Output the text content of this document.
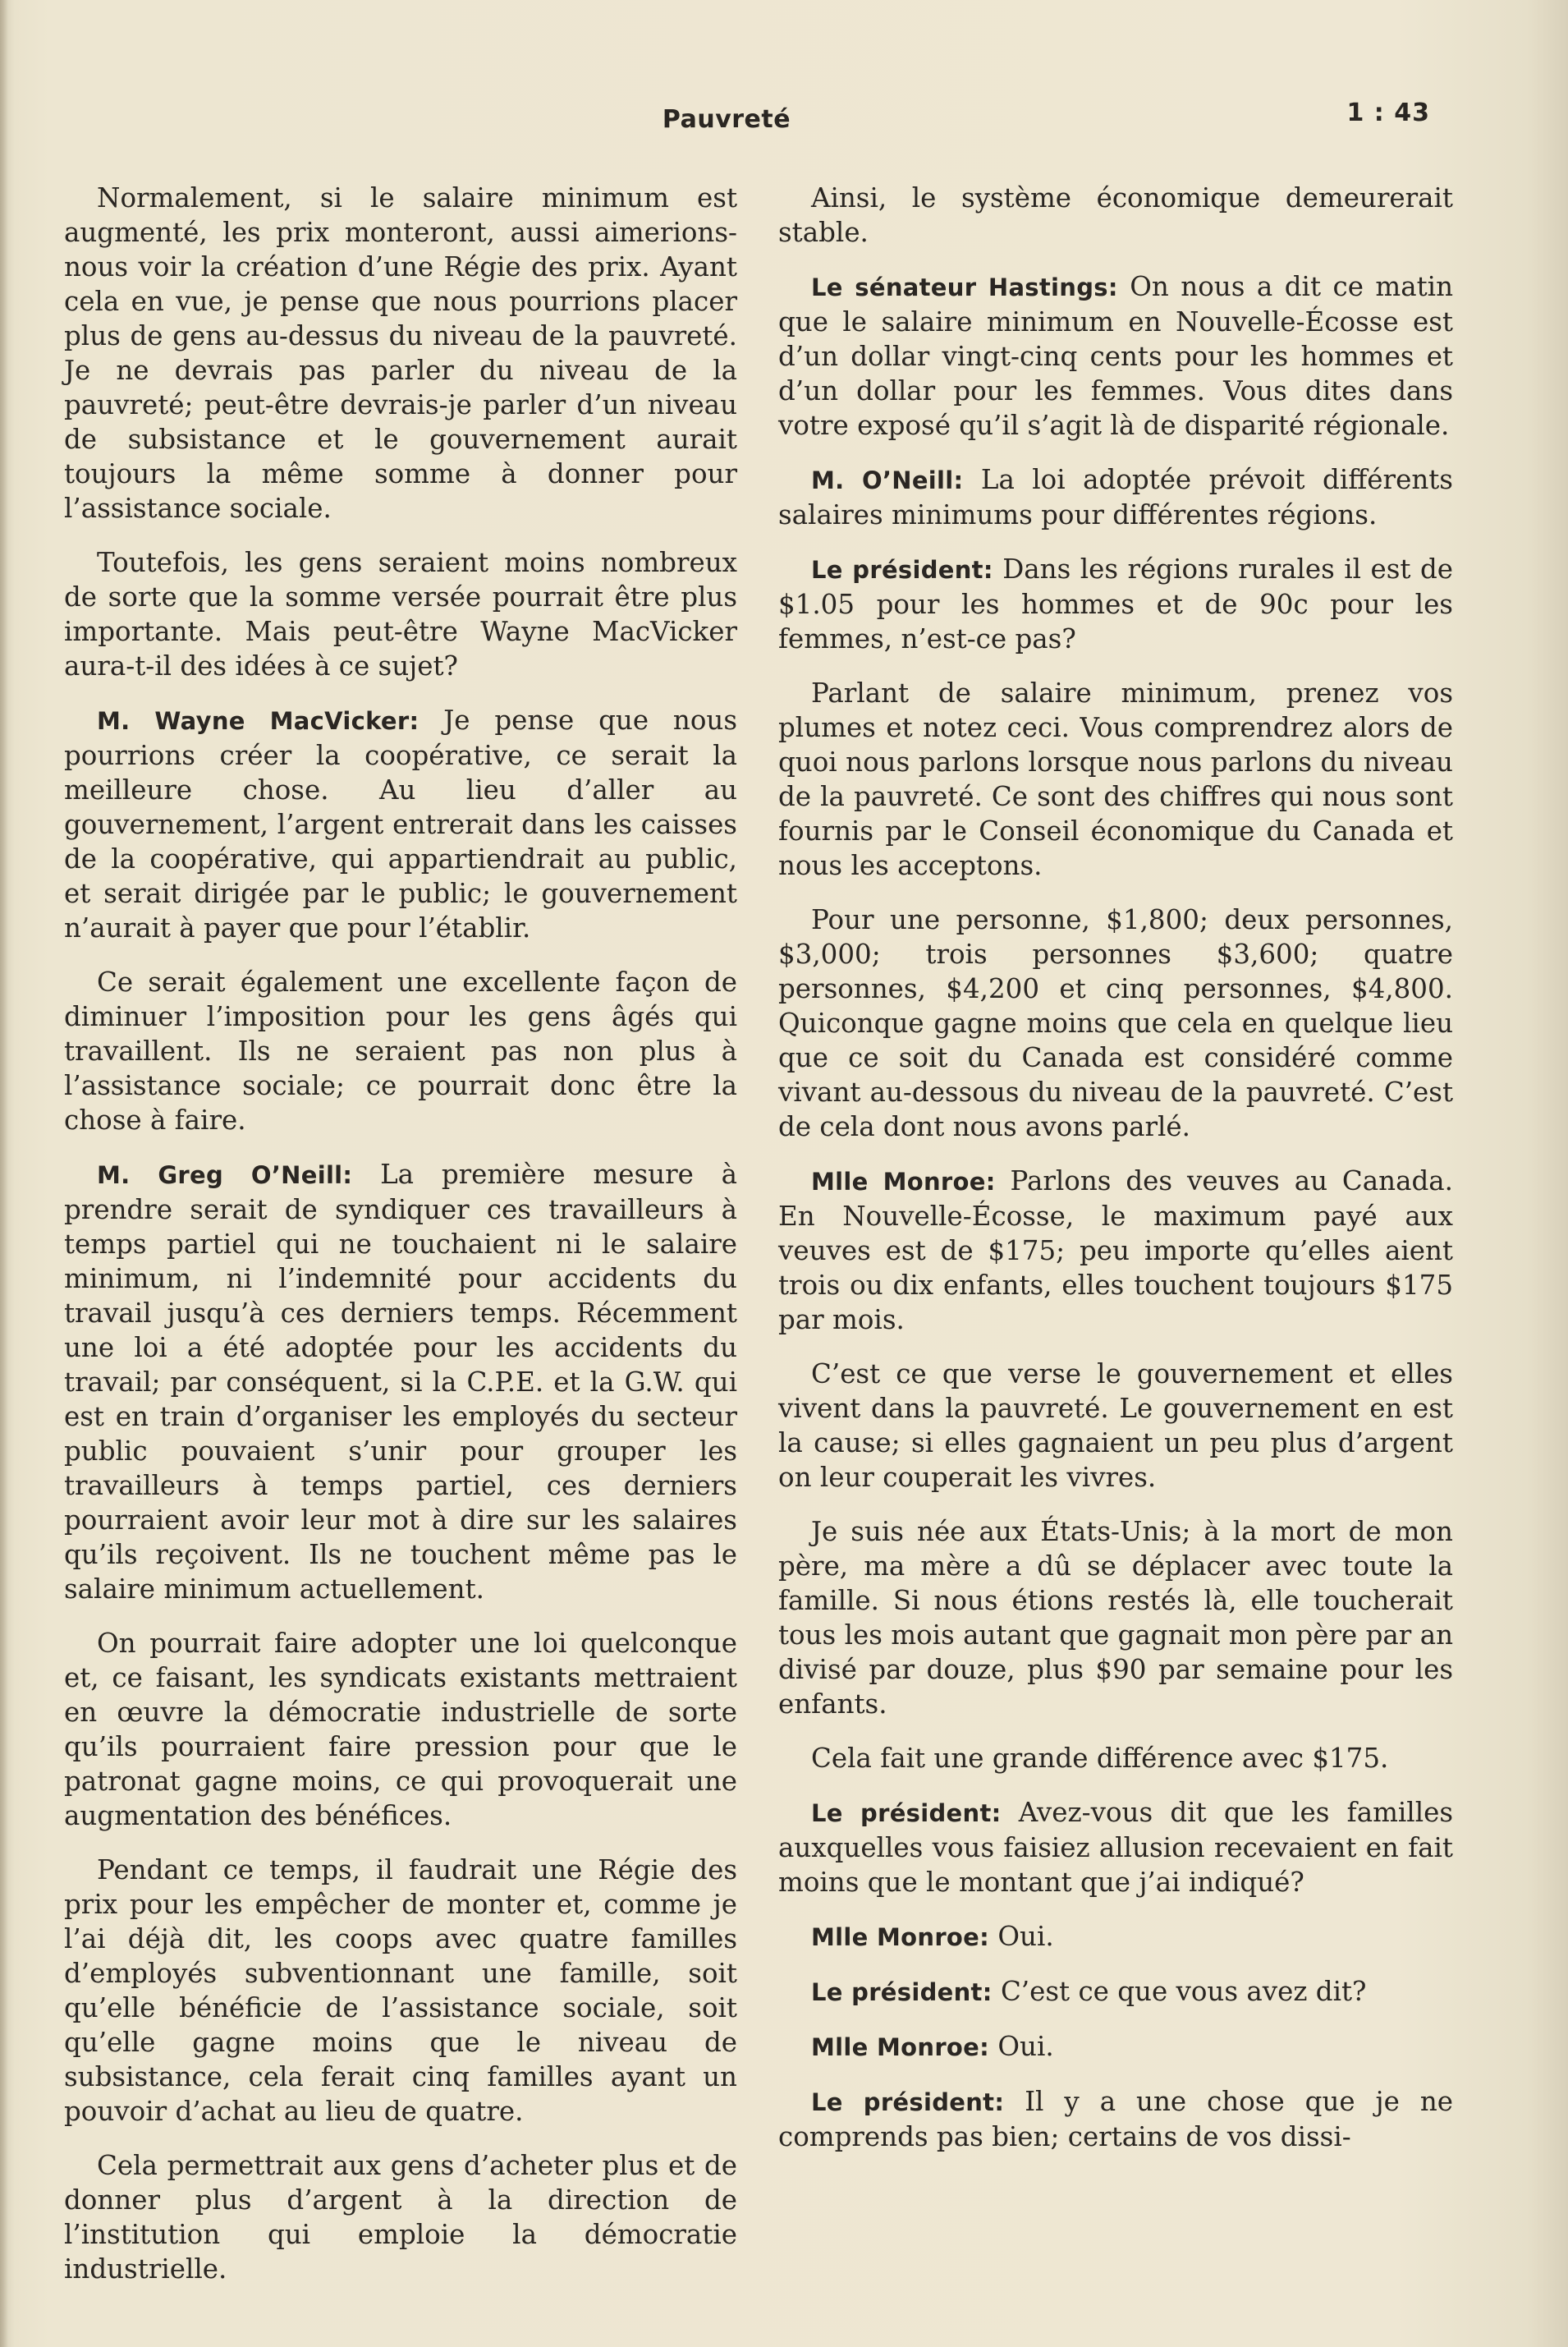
Pauvreté	1 : 43

Normalement, si le salaire minimum est augmenté, les prix monteront, aussi aimerions-nous voir la création d’une Régie des prix. Ayant cela en vue, je pense que nous pourrions placer plus de gens au-dessus du niveau de la pauvreté. Je ne devrais pas parler du niveau de la pauvreté; peut-être devrais-je parler d’un niveau de subsistance et le gouvernement aurait toujours la même somme à donner pour l’assistance sociale.

Toutefois, les gens seraient moins nombreux de sorte que la somme versée pourrait être plus importante. Mais peut-être Wayne MacVicker aura-t-il des idées à ce sujet?

M. Wayne MacVicker: Je pense que nous pourrions créer la coopérative, ce serait la meilleure chose. Au lieu d’aller au gouvernement, l’argent entrerait dans les caisses de la coopérative, qui appartiendrait au public, et serait dirigée par le public; le gouvernement n’aurait à payer que pour l’établir.

Ce serait également une excellente façon de diminuer l’imposition pour les gens âgés qui travaillent. Ils ne seraient pas non plus à l’assistance sociale; ce pourrait donc être la chose à faire.

M. Greg O’Neill: La première mesure à prendre serait de syndiquer ces travailleurs à temps partiel qui ne touchaient ni le salaire minimum, ni l’indemnité pour accidents du travail jusqu’à ces derniers temps. Récemment une loi a été adoptée pour les accidents du travail; par conséquent, si la C.P.E. et la G.W. qui est en train d’organiser les employés du secteur public pouvaient s’unir pour grouper les travailleurs à temps partiel, ces derniers pourraient avoir leur mot à dire sur les salaires qu’ils reçoivent. Ils ne touchent même pas le salaire minimum actuellement.

On pourrait faire adopter une loi quelconque et, ce faisant, les syndicats existants mettraient en œuvre la démocratie industrielle de sorte qu’ils pourraient faire pression pour que le patronat gagne moins, ce qui provoquerait une augmentation des bénéfices.

Pendant ce temps, il faudrait une Régie des prix pour les empêcher de monter et, comme je l’ai déjà dit, les coops avec quatre familles d’employés subventionnant une famille, soit qu’elle bénéficie de l’assistance sociale, soit qu’elle gagne moins que le niveau de subsistance, cela ferait cinq familles ayant un pouvoir d’achat au lieu de quatre.

Cela permettrait aux gens d’acheter plus et de donner plus d’argent à la direction de l’institution qui emploie la démocratie industrielle.

Ainsi, le système économique demeurerait stable.

Le sénateur Hastings: On nous a dit ce matin que le salaire minimum en Nouvelle-Écosse est d’un dollar vingt-cinq cents pour les hommes et d’un dollar pour les femmes. Vous dites dans votre exposé qu’il s’agit là de disparité régionale.

M. O’Neill: La loi adoptée prévoit différents salaires minimums pour différentes régions.

Le président: Dans les régions rurales il est de $1.05 pour les hommes et de 90c pour les femmes, n’est-ce pas?

Parlant de salaire minimum, prenez vos plumes et notez ceci. Vous comprendrez alors de quoi nous parlons lorsque nous parlons du niveau de la pauvreté. Ce sont des chiffres qui nous sont fournis par le Conseil économique du Canada et nous les acceptons.

Pour une personne, $1,800; deux personnes, $3,000; trois personnes $3,600; quatre personnes, $4,200 et cinq personnes, $4,800. Quiconque gagne moins que cela en quelque lieu que ce soit du Canada est considéré comme vivant au-dessous du niveau de la pauvreté. C’est de cela dont nous avons parlé.

Mlle Monroe: Parlons des veuves au Canada. En Nouvelle-Écosse, le maximum payé aux veuves est de $175; peu importe qu’elles aient trois ou dix enfants, elles touchent toujours $175 par mois.

C’est ce que verse le gouvernement et elles vivent dans la pauvreté. Le gouvernement en est la cause; si elles gagnaient un peu plus d’argent on leur couperait les vivres.

Je suis née aux États-Unis; à la mort de mon père, ma mère a dû se déplacer avec toute la famille. Si nous étions restés là, elle toucherait tous les mois autant que gagnait mon père par an divisé par douze, plus $90 par semaine pour les enfants.

Cela fait une grande différence avec $175.

Le président: Avez-vous dit que les familles auxquelles vous faisiez allusion recevaient en fait moins que le montant que j’ai indiqué?

Mlle Monroe: Oui.

Le président: C’est ce que vous avez dit?

Mlle Monroe: Oui.

Le président: Il y a une chose que je ne comprends pas bien; certains de vos dissi-
